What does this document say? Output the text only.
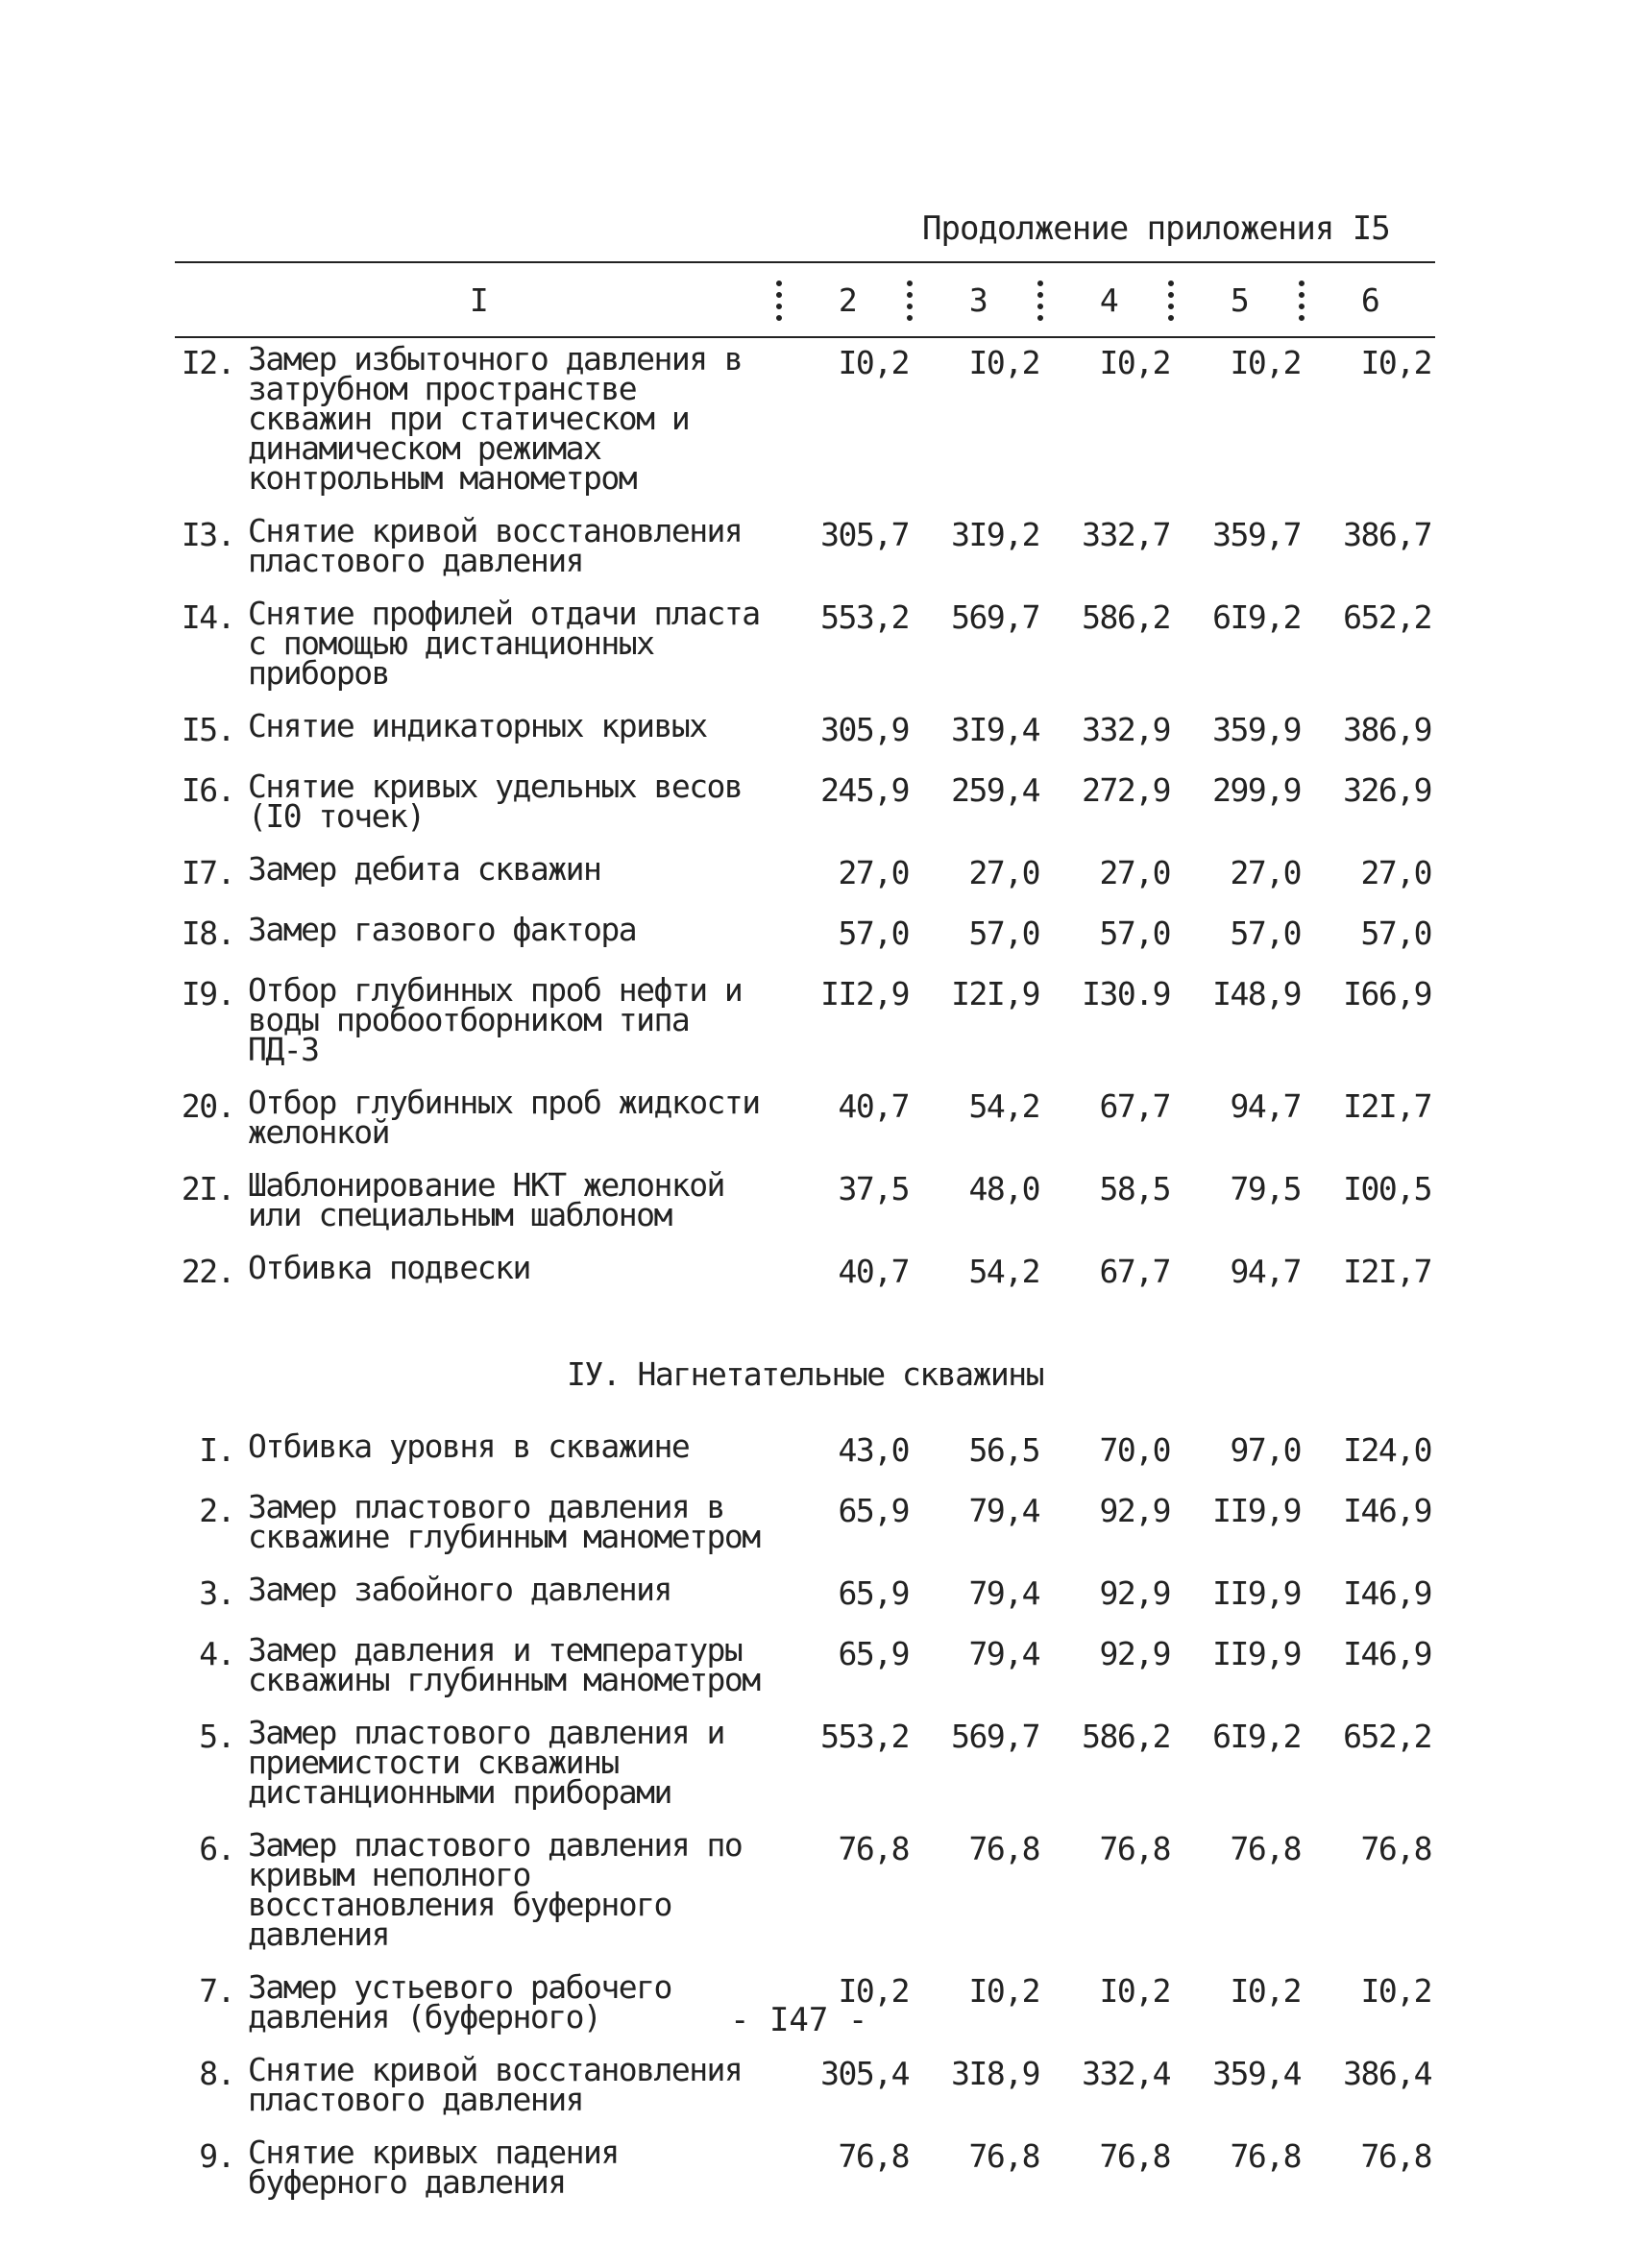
Продолжение приложения I5
I		2	3	4	5	6
I2.	Замер избыточного давления в затрубном пространстве скважин при статическом и динамическом режимах контрольным манометром	I0,2	I0,2	I0,2	I0,2	I0,2
I3.	Снятие кривой восстановления пластового давления	305,7	3I9,2	332,7	359,7	386,7
I4.	Снятие профилей отдачи пласта с помощью дистанционных приборов	553,2	569,7	586,2	6I9,2	652,2
I5.	Снятие индикаторных кривых	305,9	3I9,4	332,9	359,9	386,9
I6.	Снятие кривых удельных весов (I0 точек)	245,9	259,4	272,9	299,9	326,9
I7.	Замер дебита скважин	27,0	27,0	27,0	27,0	27,0
I8.	Замер газового фактора	57,0	57,0	57,0	57,0	57,0
I9.	Отбор глубинных проб нефти и воды пробоотборником типа ПД-3	II2,9	I2I,9	I30.9	I48,9	I66,9
20.	Отбор глубинных проб жидкости желонкой	40,7	54,2	67,7	94,7	I2I,7
2I.	Шаблонирование НКТ желонкой или специальным шаблоном	37,5	48,0	58,5	79,5	I00,5
22.	Отбивка подвески	40,7	54,2	67,7	94,7	I2I,7
IУ. Нагнетательные скважины						
I.	Отбивка уровня в скважине	43,0	56,5	70,0	97,0	I24,0
2.	Замер пластового давления в скважине глубинным манометром	65,9	79,4	92,9	II9,9	I46,9
3.	Замер забойного давления	65,9	79,4	92,9	II9,9	I46,9
4.	Замер давления и температуры скважины глубинным манометром	65,9	79,4	92,9	II9,9	I46,9
5.	Замер пластового давления и приемистости скважины дистанционными приборами	553,2	569,7	586,2	6I9,2	652,2
6.	Замер пластового давления по кривым неполного восстановления буферного давления	76,8	76,8	76,8	76,8	76,8
7.	Замер устьевого рабочего давления (буферного)	I0,2	I0,2	I0,2	I0,2	I0,2
8.	Снятие кривой восстановления пластового давления	305,4	3I8,9	332,4	359,4	386,4
9.	Снятие кривых падения буферного давления	76,8	76,8	76,8	76,8	76,8
- I47 -
